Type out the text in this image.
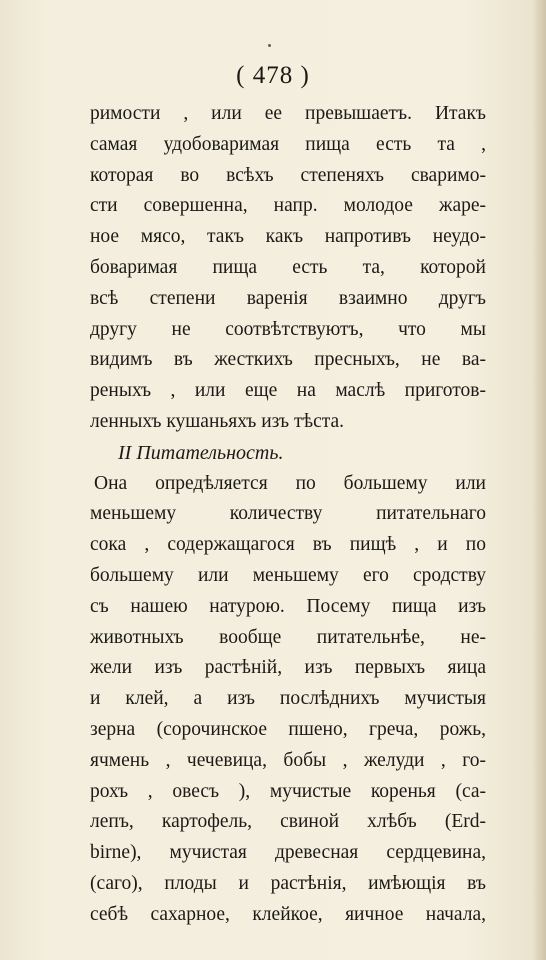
( 478 )
римости , или ее превышаетъ. Итакъ
самая удобоваримая пища есть та ,
которая во всѣхъ степеняхъ сваримо-
сти совершенна, напр. молодое жаре-
ное мясо, такъ какъ напротивъ неудо-
боваримая пища есть та, которой
всѣ степени варенія взаимно другъ
другу не соотвѣтствуютъ, что мы
видимъ въ жесткихъ пресныхъ, не ва-
реныхъ , или еще на маслѣ приготов-
ленныхъ кушаньяхъ изъ тѣста.
II Питательность.
Она опредѣляется по большему или
меньшему количеству питательнаго
сока , содержащагося въ пищѣ , и по
большему или меньшему его сродству
съ нашею натурою. Посему пища изъ
животныхъ вообще питательнѣе, не-
жели изъ растѣній, изъ первыхъ яица
и клей, а изъ послѣднихъ мучистыя
зерна (сорочинское пшено, греча, рожь,
ячмень , чечевица, бобы , желуди , го-
рохъ , овесъ ), мучистые коренья (са-
лепъ, картофель, свиной хлѣбъ (Erd-
birne), мучистая древесная сердцевина,
(саго), плоды и растѣнія, имѣющія въ
себѣ сахарное, клейкое, яичное начала,
